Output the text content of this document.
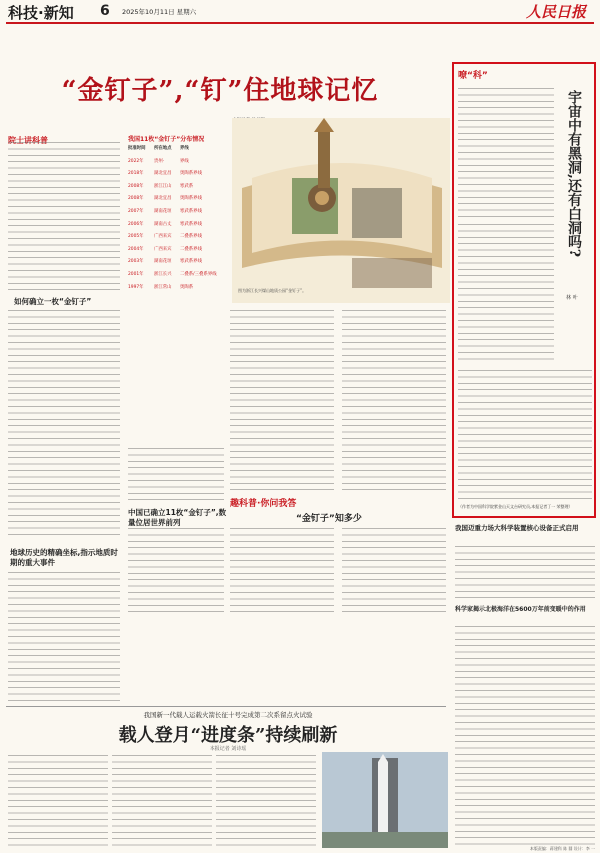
科技·新知 6 2025年10月11日 星期六	人民日报
“金钉子”,“钉”住地球记忆
院士讲科普
如何确立一枚“金钉子”
地球历史的精确坐标,指示地质时期的重大事件
我国11枚“金钉子”分布情况
批准时间	所在地点	界线
2022年	贵州·	界线
2018年	湖北宜昌	奥陶系界线
2008年	浙江江山	寒武系
2008年	湖北宜昌	奥陶系界线
2007年	湖南花垣	寒武系界线
2006年	湖南古丈	寒武系界线
2005年	广西来宾	二叠系界线
2004年	广西来宾	二叠系界线
2003年	湖南花垣	寒武系界线
2001年	浙江长兴	二叠系/三叠系界线
1997年	浙江常山	奥陶系
图为浙江长兴煤山地质公园“金钉子”。
中国已确立11枚“金钉子”,数量位居世界前列
趣科普·你问我答
“金钉子”知多少
嘹“科”
宇宙中有黑洞,还有白洞吗?
林 叶
（作者为中国科学院紫金山天文台研究员,本报记者丁一 荣整理）
我国迈重力场大科学装置核心设备正式启用
我国新一代载人运载火箭长征十号完成第二次系留点火试验
载人登月“进度条”持续刷新
本报记者 刘诗瑶
科学家揭示北极海洋在5600万年前变暖中的作用
本版责编：蒋建科 陈 圆 设计：李 一
